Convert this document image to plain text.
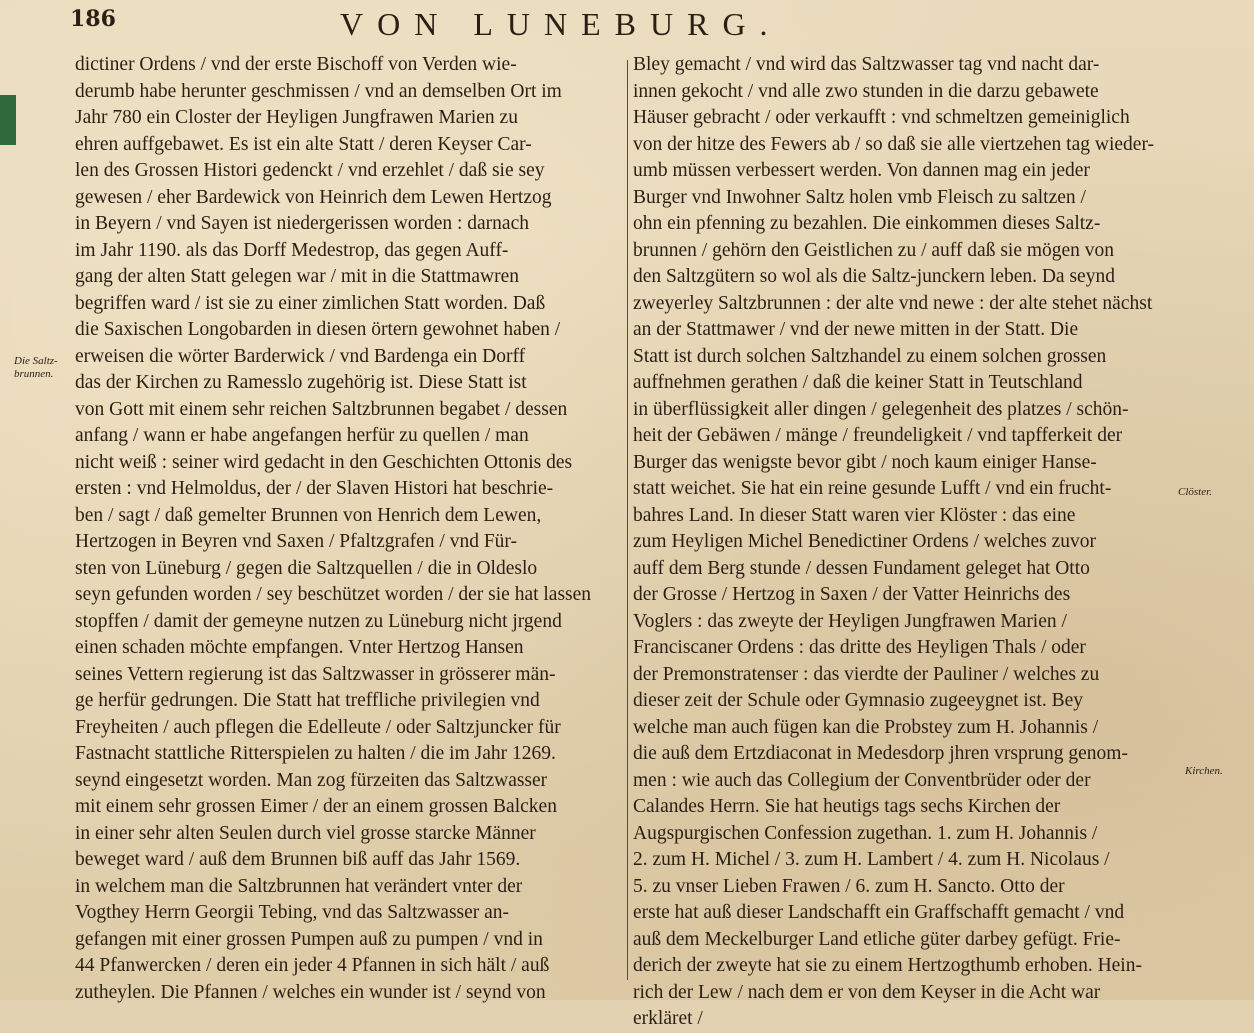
186	VON LUNEBURG.
dictiner Ordens / vnd der erste Bischoff von Verden wie-
derumb habe herunter geschmissen / vnd an demselben Ort im
Jahr 780 ein Closter der Heyligen Jungfrawen Marien zu
ehren auffgebawet. Es ist ein alte Statt / deren Keyser Car-
len des Grossen Histori gedenckt / vnd erzehlet / daß sie sey
gewesen / eher Bardewick von Heinrich dem Lewen Hertzog
in Beyern / vnd Sayen ist niedergerissen worden : darnach
im Jahr 1190. als das Dorff Medestrop, das gegen Auff-
gang der alten Statt gelegen war / mit in die Stattmawren
begriffen ward / ist sie zu einer zimlichen Statt worden. Daß
die Saxischen Longobarden in diesen örtern gewohnet haben /
erweisen die wörter Barderwick / vnd Bardenga ein Dorff
das der Kirchen zu Ramesslo zugehörig ist. Diese Statt ist
von Gott mit einem sehr reichen Saltzbrunnen begabet / dessen
anfang / wann er habe angefangen herfür zu quellen / man
nicht weiß : seiner wird gedacht in den Geschichten Ottonis des
ersten : vnd Helmoldus, der / der Slaven Histori hat beschrie-
ben / sagt / daß gemelter Brunnen von Henrich dem Lewen,
Hertzogen in Beyren vnd Saxen / Pfaltzgrafen / vnd Für-
sten von Lüneburg / gegen die Saltzquellen / die in Oldeslo
seyn gefunden worden / sey beschützet worden / der sie hat lassen
stopffen / damit der gemeyne nutzen zu Lüneburg nicht jrgend
einen schaden möchte empfangen. Vnter Hertzog Hansen
seines Vettern regierung ist das Saltzwasser in grösserer män-
ge herfür gedrungen. Die Statt hat treffliche privilegien vnd
Freyheiten / auch pflegen die Edelleute / oder Saltzjuncker für
Fastnacht stattliche Ritterspielen zu halten / die im Jahr 1269.
seynd eingesetzt worden. Man zog fürzeiten das Saltzwasser
mit einem sehr grossen Eimer / der an einem grossen Balcken
in einer sehr alten Seulen durch viel grosse starcke Männer
beweget ward / auß dem Brunnen biß auff das Jahr 1569.
in welchem man die Saltzbrunnen hat verändert vnter der
Vogthey Herrn Georgii Tebing, vnd das Saltzwasser an-
gefangen mit einer grossen Pumpen auß zu pumpen / vnd in
44 Pfanwercken / deren ein jeder 4 Pfannen in sich hält / auß
zutheylen. Die Pfannen / welches ein wunder ist / seynd von
Bley gemacht / vnd wird das Saltzwasser tag vnd nacht dar-
innen gekocht / vnd alle zwo stunden in die darzu gebawete
Häuser gebracht / oder verkaufft : vnd schmeltzen gemeiniglich
von der hitze des Fewers ab / so daß sie alle viertzehen tag wieder-
umb müssen verbessert werden. Von dannen mag ein jeder
Burger vnd Inwohner Saltz holen vmb Fleisch zu saltzen /
ohn ein pfenning zu bezahlen. Die einkommen dieses Saltz-
brunnen / gehörn den Geistlichen zu / auff daß sie mögen von
den Saltzgütern so wol als die Saltz-junckern leben. Da seynd
zweyerley Saltzbrunnen : der alte vnd newe : der alte stehet nächst
an der Stattmawer / vnd der newe mitten in der Statt. Die
Statt ist durch solchen Saltzhandel zu einem solchen grossen
auffnehmen gerathen / daß die keiner Statt in Teutschland
in überflüssigkeit aller dingen / gelegenheit des platzes / schön-
heit der Gebäwen / mänge / freundeligkeit / vnd tapfferkeit der
Burger das wenigste bevor gibt / noch kaum einiger Hanse-
statt weichet. Sie hat ein reine gesunde Lufft / vnd ein frucht-
bahres Land. In dieser Statt waren vier Klöster : das eine
zum Heyligen Michel Benedictiner Ordens / welches zuvor
auff dem Berg stunde / dessen Fundament geleget hat Otto
der Grosse / Hertzog in Saxen / der Vatter Heinrichs des
Voglers : das zweyte der Heyligen Jungfrawen Marien /
Franciscaner Ordens : das dritte des Heyligen Thals / oder
der Premonstratenser : das vierdte der Pauliner / welches zu
dieser zeit der Schule oder Gymnasio zugeeygnet ist. Bey
welche man auch fügen kan die Probstey zum H. Johannis /
die auß dem Ertzdiaconat in Medesdorp jhren vrsprung genom-
men : wie auch das Collegium der Conventbrüder oder der
Calandes Herrn. Sie hat heutigs tags sechs Kirchen der
Augspurgischen Confession zugethan. 1. zum H. Johannis /
2. zum H. Michel / 3. zum H. Lambert / 4. zum H. Nicolaus /
5. zu vnser Lieben Frawen / 6. zum H. Sancto. Otto der
erste hat auß dieser Landschafft ein Graffschafft gemacht / vnd
auß dem Meckelburger Land etliche güter darbey gefügt. Frie-
derich der zweyte hat sie zu einem Hertzogthumb erhoben. Hein-
rich der Lew / nach dem er von dem Keyser in die Acht war
erkläret /
Die Saltz-brunnen.
Clöster.
Kirchen.
